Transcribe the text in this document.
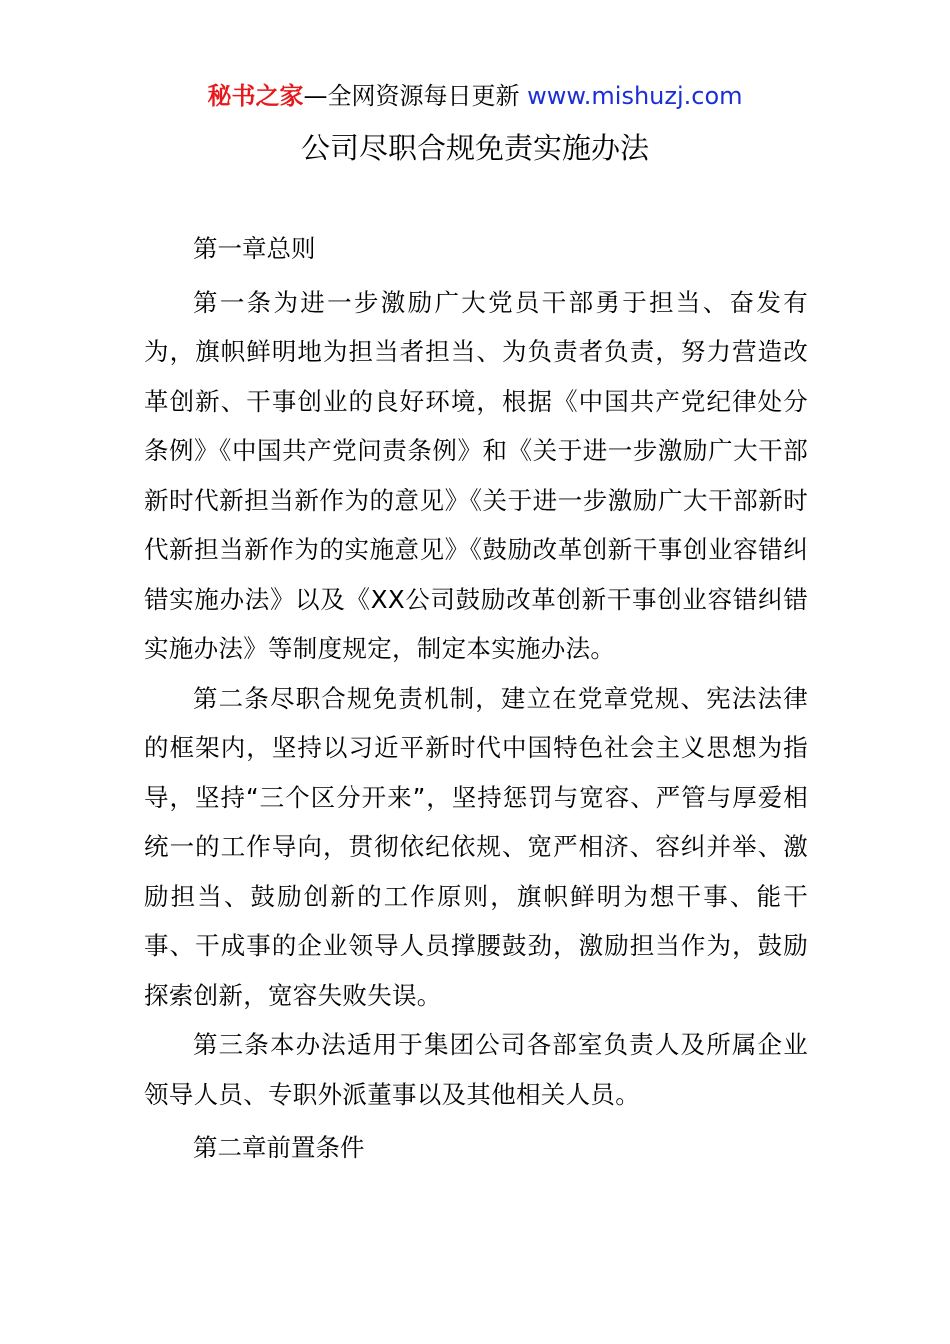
秘书之家—全网资源每日更新 www.mishuzj.com
公司尽职合规免责实施办法

第一章总则

第一条为进一步激励广大党员干部勇于担当、奋发有为，旗帜鲜明地为担当者担当、为负责者负责，努力营造改革创新、干事创业的良好环境，根据《中国共产党纪律处分条例》《中国共产党问责条例》和《关于进一步激励广大干部新时代新担当新作为的意见》《关于进一步激励广大干部新时代新担当新作为的实施意见》《鼓励改革创新干事创业容错纠错实施办法》以及《XX公司鼓励改革创新干事创业容错纠错实施办法》等制度规定，制定本实施办法。

第二条尽职合规免责机制，建立在党章党规、宪法法律的框架内，坚持以习近平新时代中国特色社会主义思想为指导，坚持“三个区分开来”，坚持惩罚与宽容、严管与厚爱相统一的工作导向，贯彻依纪依规、宽严相济、容纠并举、激励担当、鼓励创新的工作原则，旗帜鲜明为想干事、能干事、干成事的企业领导人员撑腰鼓劲，激励担当作为，鼓励探索创新，宽容失败失误。

第三条本办法适用于集团公司各部室负责人及所属企业领导人员、专职外派董事以及其他相关人员。

第二章前置条件
